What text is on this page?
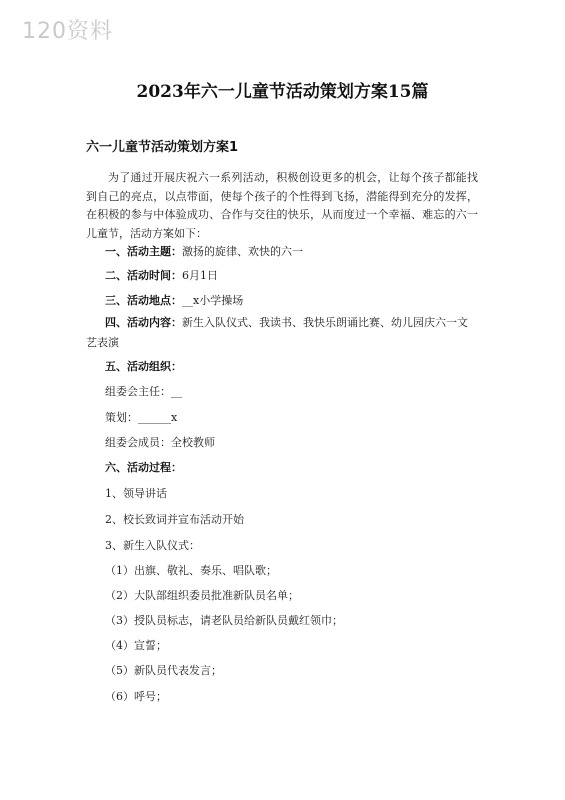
120资料
2023年六一儿童节活动策划方案15篇
六一儿童节活动策划方案1
为了通过开展庆祝六一系列活动，积极创设更多的机会，让每个孩子都能找到自己的亮点，以点带面，使每个孩子的个性得到飞扬，潜能得到充分的发挥，在积极的参与中体验成功、合作与交往的快乐，从而度过一个幸福、难忘的六一儿童节，活动方案如下：
一、活动主题：激扬的旋律、欢快的六一
二、活动时间：6月1日
三、活动地点：__x小学操场
四、活动内容：新生入队仪式、我读书、我快乐朗诵比赛、幼儿园庆六一文艺表演
五、活动组织：
组委会主任：__
策划：______x
组委会成员：全校教师
六、活动过程：
1、领导讲话
2、校长致词并宣布活动开始
3、新生入队仪式：
（1）出旗、敬礼、奏乐、唱队歌；
（2）大队部组织委员批准新队员名单；
（3）授队员标志，请老队员给新队员戴红领巾；
（4）宣誓；
（5）新队员代表发言；
（6）呼号；
